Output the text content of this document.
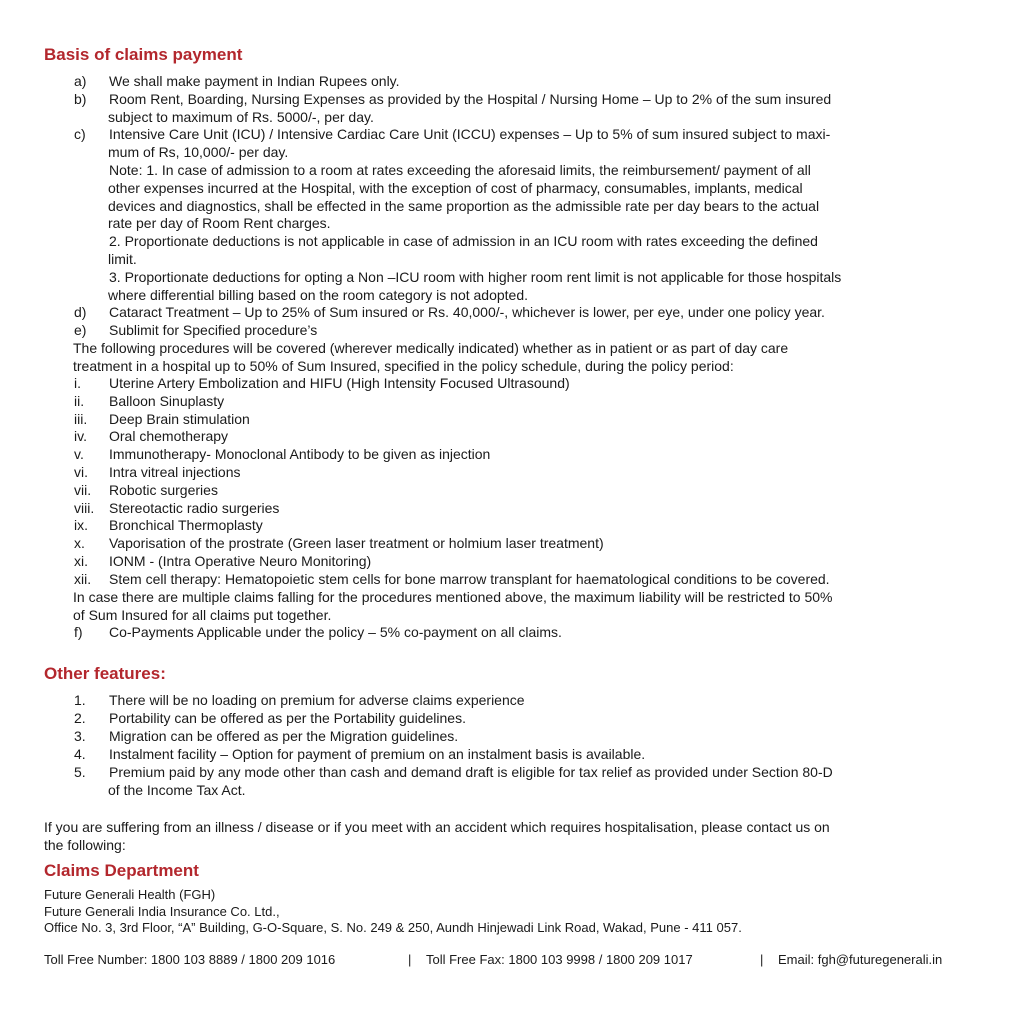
Basis of claims payment
a) We shall make payment in Indian Rupees only.
b) Room Rent, Boarding, Nursing Expenses as provided by the Hospital / Nursing Home – Up to 2% of the sum insured
subject to maximum of Rs. 5000/-, per day.
c) Intensive Care Unit (ICU) / Intensive Cardiac Care Unit (ICCU) expenses – Up to 5% of sum insured subject to maxi-
mum of Rs, 10,000/- per day.
Note: 1. In case of admission to a room at rates exceeding the aforesaid limits, the reimbursement/ payment of all
other expenses incurred at the Hospital, with the exception of cost of pharmacy, consumables, implants, medical
devices and diagnostics, shall be effected in the same proportion as the admissible rate per day bears to the actual
rate per day of Room Rent charges.
2. Proportionate deductions is not applicable in case of admission in an ICU room with rates exceeding the defined
limit.
3. Proportionate deductions for opting a Non –ICU room with higher room rent limit is not applicable for those hospitals
where differential billing based on the room category is not adopted.
d) Cataract Treatment – Up to 25% of Sum insured or Rs. 40,000/-, whichever is lower, per eye, under one policy year.
e) Sublimit for Specified procedure’s
The following procedures will be covered (wherever medically indicated) whether as in patient or as part of day care
treatment in a hospital up to 50% of Sum Insured, specified in the policy schedule, during the policy period:
i. Uterine Artery Embolization and HIFU (High Intensity Focused Ultrasound)
ii. Balloon Sinuplasty
iii. Deep Brain stimulation
iv. Oral chemotherapy
v. Immunotherapy- Monoclonal Antibody to be given as injection
vi. Intra vitreal injections
vii. Robotic surgeries
viii. Stereotactic radio surgeries
ix. Bronchical Thermoplasty
x. Vaporisation of the prostrate (Green laser treatment or holmium laser treatment)
xi. IONM - (Intra Operative Neuro Monitoring)
xii. Stem cell therapy: Hematopoietic stem cells for bone marrow transplant for haematological conditions to be covered.
In case there are multiple claims falling for the procedures mentioned above, the maximum liability will be restricted to 50%
of Sum Insured for all claims put together.
f) Co-Payments Applicable under the policy – 5% co-payment on all claims.
Other features:
1. There will be no loading on premium for adverse claims experience
2. Portability can be offered as per the Portability guidelines.
3. Migration can be offered as per the Migration guidelines.
4. Instalment facility – Option for payment of premium on an instalment basis is available.
5. Premium paid by any mode other than cash and demand draft is eligible for tax relief as provided under Section 80-D
of the Income Tax Act.
If you are suffering from an illness / disease or if you meet with an accident which requires hospitalisation, please contact us on
the following:
Claims Department
Future Generali Health (FGH)
Future Generali India Insurance Co. Ltd.,
Office No. 3, 3rd Floor, “A” Building, G-O-Square, S. No. 249 & 250, Aundh Hinjewadi Link Road, Wakad, Pune - 411 057.
Toll Free Number: 1800 103 8889 / 1800 209 1016	| Toll Free Fax: 1800 103 9998 / 1800 209 1017	| Email: fgh@futuregenerali.in
